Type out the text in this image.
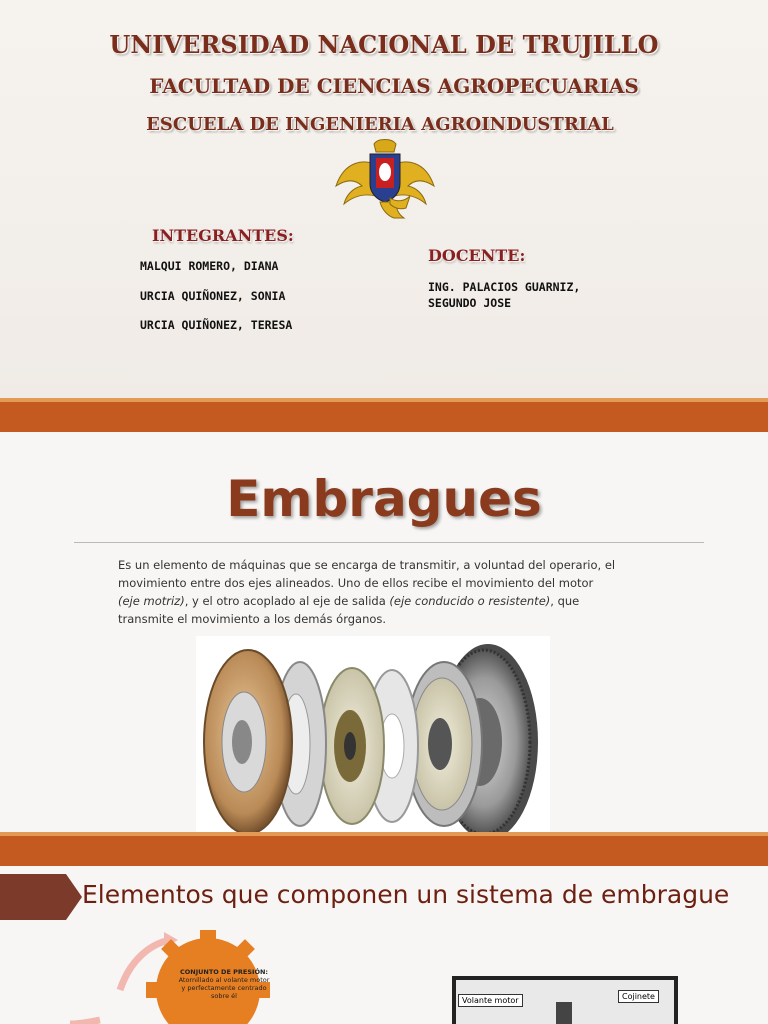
UNIVERSIDAD NACIONAL DE TRUJILLO
FACULTAD DE CIENCIAS AGROPECUARIAS
ESCUELA DE INGENIERIA AGROINDUSTRIAL
INTEGRANTES:
MALQUI ROMERO, DIANA
URCIA QUIÑONEZ, SONIA
URCIA QUIÑONEZ, TERESA
DOCENTE:
ING. PALACIOS GUARNIZ,
SEGUNDO JOSE
Embragues
Es un elemento de máquinas que se encarga de transmitir, a voluntad del operario, el movimiento entre dos ejes alineados. Uno de ellos recibe el movimiento del motor (eje motriz), y el otro acoplado al eje de salida (eje conducido o resistente), que transmite el movimiento a los demás órganos.
Elementos que componen un sistema de embrague
CONJUNTO DE PRESIÓN: Atornillado al volante motor y perfectamente centrado sobre él	Volante motor	Cojinete
